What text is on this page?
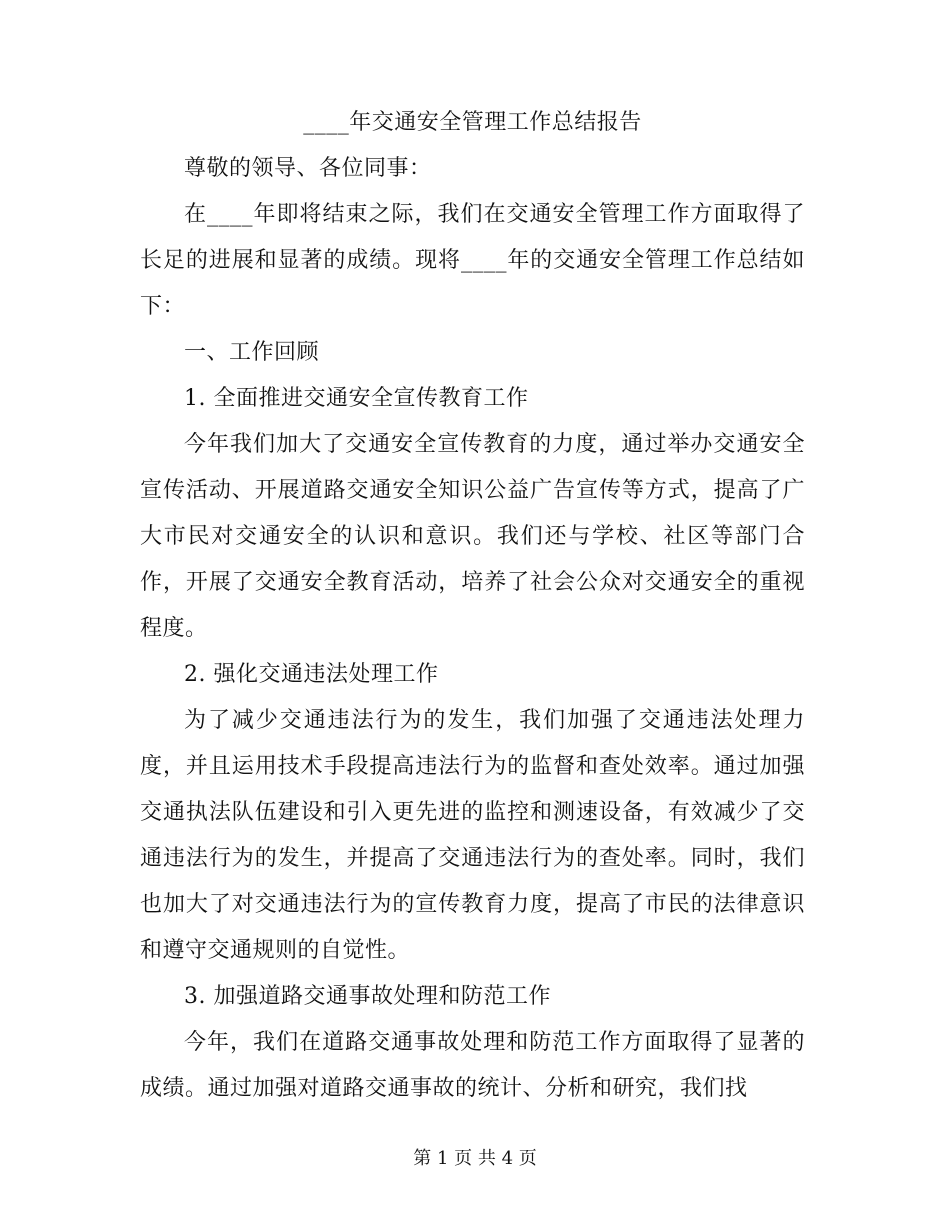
____年交通安全管理工作总结报告

尊敬的领导、各位同事：

在____年即将结束之际，我们在交通安全管理工作方面取得了长足的进展和显著的成绩。现将____年的交通安全管理工作总结如下：

一、工作回顾

1. 全面推进交通安全宣传教育工作

今年我们加大了交通安全宣传教育的力度，通过举办交通安全宣传活动、开展道路交通安全知识公益广告宣传等方式，提高了广大市民对交通安全的认识和意识。我们还与学校、社区等部门合作，开展了交通安全教育活动，培养了社会公众对交通安全的重视程度。

2. 强化交通违法处理工作

为了减少交通违法行为的发生，我们加强了交通违法处理力度，并且运用技术手段提高违法行为的监督和查处效率。通过加强交通执法队伍建设和引入更先进的监控和测速设备，有效减少了交通违法行为的发生，并提高了交通违法行为的查处率。同时，我们也加大了对交通违法行为的宣传教育力度，提高了市民的法律意识和遵守交通规则的自觉性。

3. 加强道路交通事故处理和防范工作

今年，我们在道路交通事故处理和防范工作方面取得了显著的成绩。通过加强对道路交通事故的统计、分析和研究，我们找

第 1 页 共 4 页
